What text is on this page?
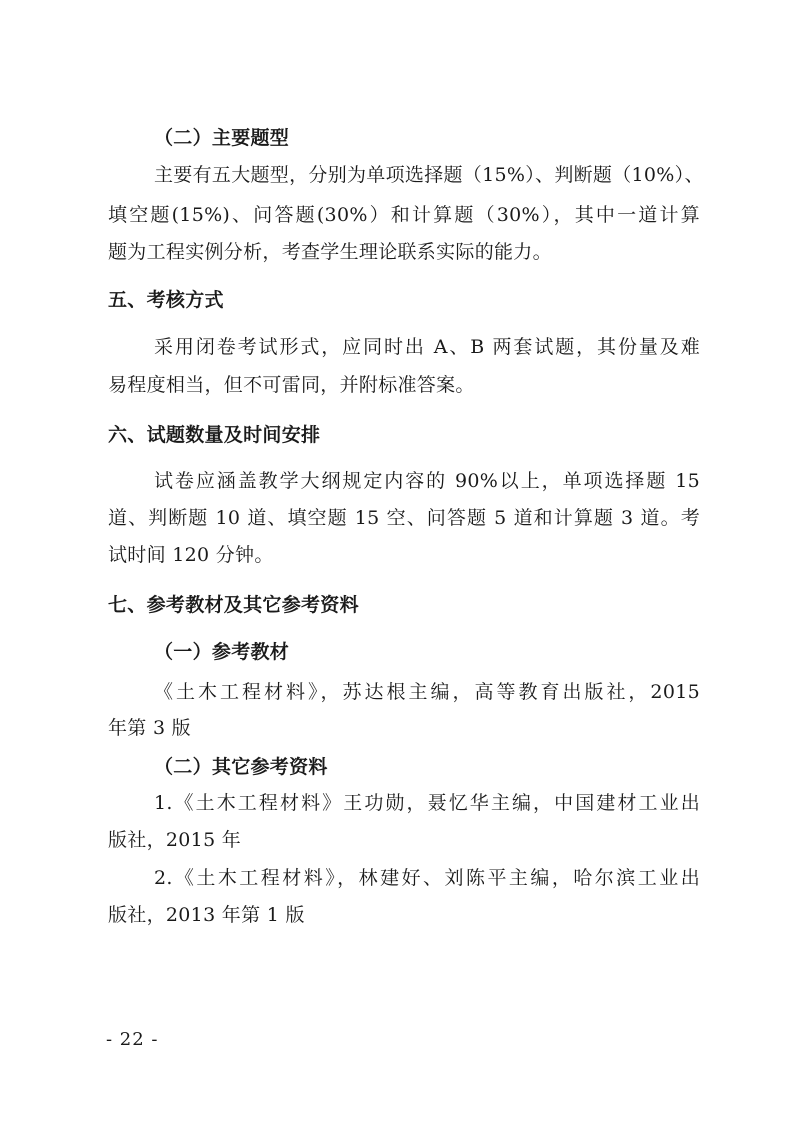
（二）主要题型
主要有五大题型，分别为单项选择题（15%）、判断题（10%）、
填空题(15%)、问答题(30%）和计算题（30%），其中一道计算
题为工程实例分析，考查学生理论联系实际的能力。
五、考核方式
采用闭卷考试形式，应同时出 A、B 两套试题，其份量及难
易程度相当，但不可雷同，并附标准答案。
六、试题数量及时间安排
试卷应涵盖教学大纲规定内容的 90%以上，单项选择题 15
道、判断题 10 道、填空题 15 空、问答题 5 道和计算题 3 道。考
试时间 120 分钟。
七、参考教材及其它参考资料
（一）参考教材
《土木工程材料》，苏达根主编，高等教育出版社，2015
年第 3 版
（二）其它参考资料
1.《土木工程材料》王功勋，聂忆华主编，中国建材工业出
版社，2015 年
2.《土木工程材料》，林建好、刘陈平主编，哈尔滨工业出
版社，2013 年第 1 版
- 22 -
